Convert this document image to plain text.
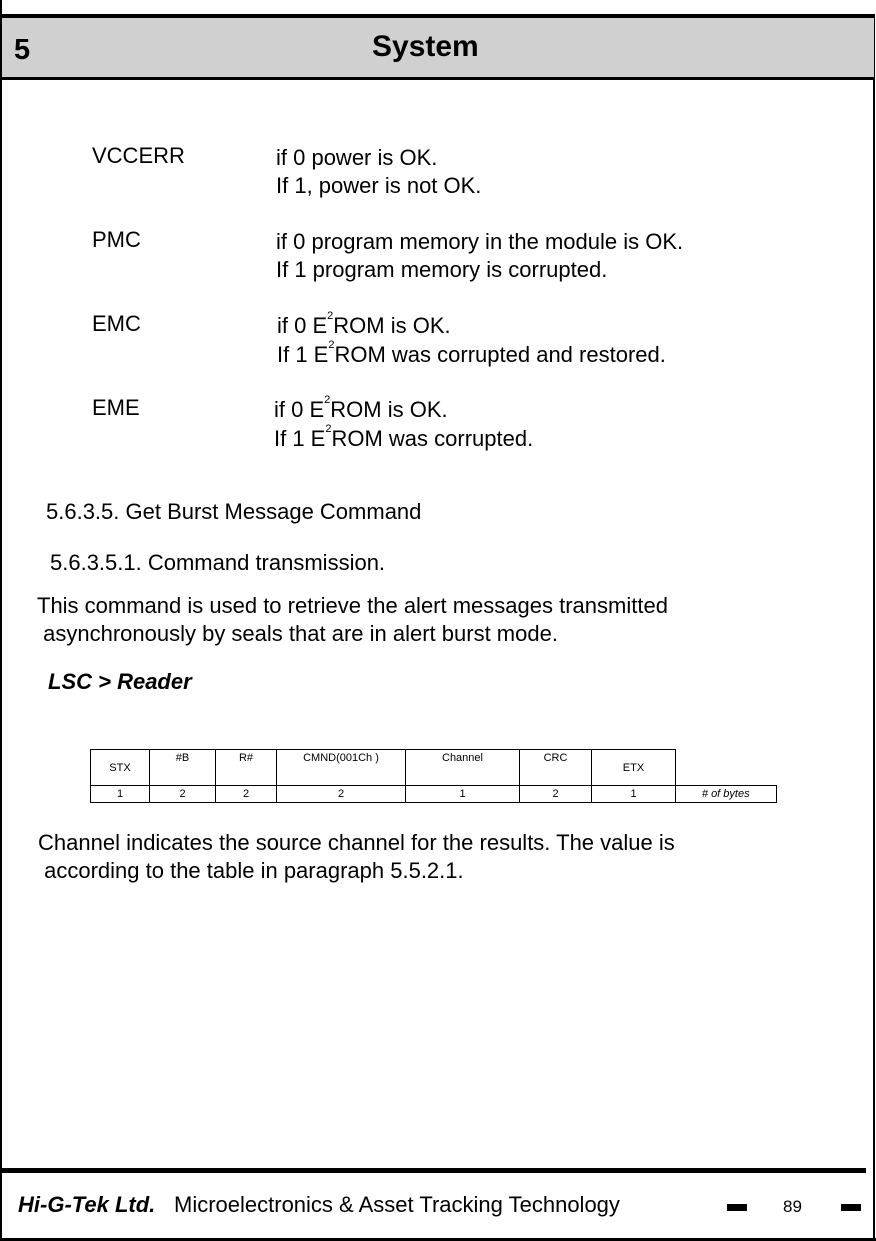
5	System
VCCERR	if 0 power is OK.
If 1, power is not OK.
PMC	if 0 program memory in the module is OK.
If 1 program memory is corrupted.
EMC	if 0 $E^2ROM$ is OK.
If 1 $E^2ROM$ was corrupted and restored.
EME	if 0 $E^2ROM$ is OK.
If 1 $E^2ROM$ was corrupted.
5.6.3.5. Get Burst Message Command
5.6.3.5.1. Command transmission.
This command is used to retrieve the alert messages transmitted
asynchronously by seals that are in alert burst mode.
LSC > Reader
STX	#B	R#	CMND(001Ch )	Channel	CRC	ETX	
1	2	2	2	1	2	1	# of bytes
Channel indicates the source channel for the results. The value is
according to the table in paragraph 5.5.2.1.
Hi-G-Tek Ltd. Microelectronics & Asset Tracking Technology	89
